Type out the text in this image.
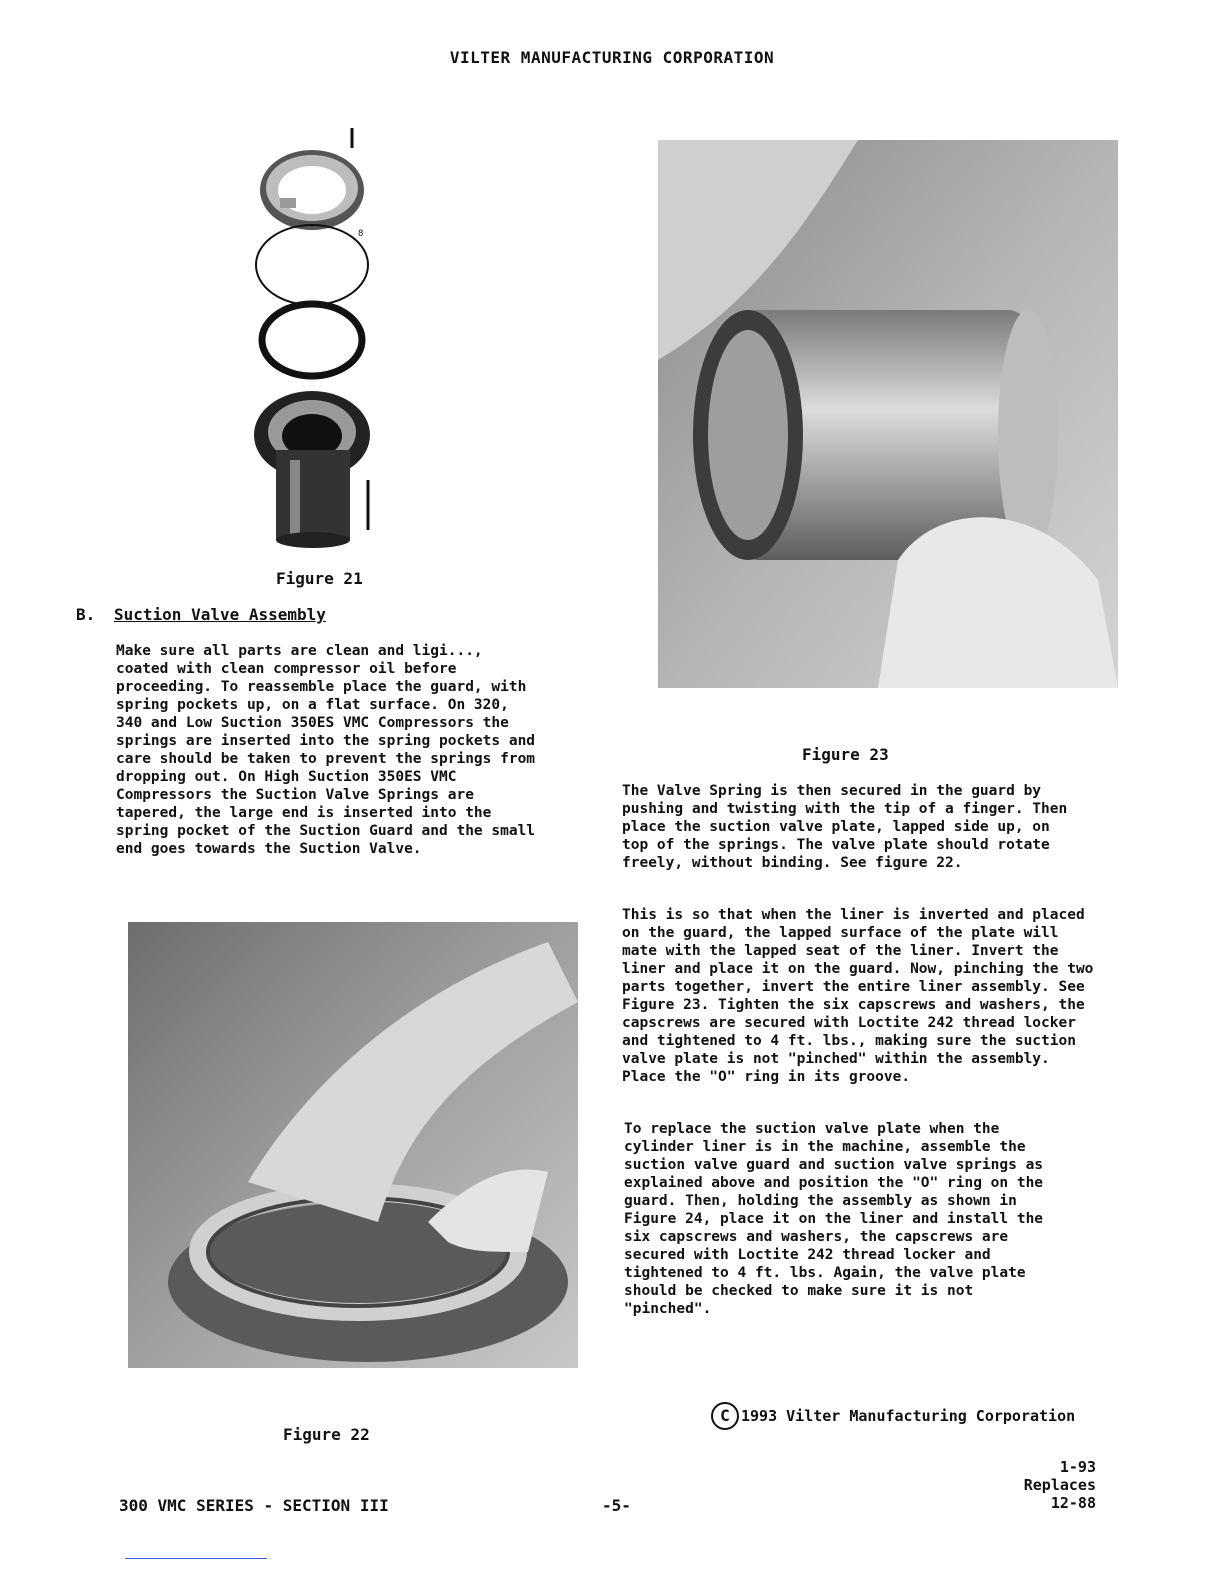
VILTER MANUFACTURING CORPORATION
8
Figure 21
B. Suction Valve Assembly
Make sure all parts are clean and ligi..., coated with clean compressor oil before proceeding. To reassemble place the guard, with spring pockets up, on a flat surface. On 320, 340 and Low Suction 350ES VMC Compressors the springs are inserted into the spring pockets and care should be taken to prevent the springs from dropping out. On High Suction 350ES VMC Compressors the Suction Valve Springs are tapered, the large end is inserted into the spring pocket of the Suction Guard and the small end goes towards the Suction Valve.
Figure 22
Figure 23
The Valve Spring is then secured in the guard by pushing and twisting with the tip of a finger. Then place the suction valve plate, lapped side up, on top of the springs. The valve plate should rotate freely, without binding. See figure 22.
This is so that when the liner is inverted and placed on the guard, the lapped surface of the plate will mate with the lapped seat of the liner. Invert the liner and place it on the guard. Now, pinching the two parts together, invert the entire liner assembly. See Figure 23. Tighten the six capscrews and washers, the capscrews are secured with Loctite 242 thread locker and tightened to 4 ft. lbs., making sure the suction valve plate is not "pinched" within the assembly. Place the "O" ring in its groove.
To replace the suction valve plate when the cylinder liner is in the machine, assemble the suction valve guard and suction valve springs as explained above and position the "O" ring on the guard. Then, holding the assembly as shown in Figure 24, place it on the liner and install the six capscrews and washers, the capscrews are secured with Loctite 242 thread locker and tightened to 4 ft. lbs. Again, the valve plate should be checked to make sure it is not "pinched".
C 1993 Vilter Manufacturing Corporation
1-93
Replaces
12-88
300 VMC SERIES - SECTION III	-5-
